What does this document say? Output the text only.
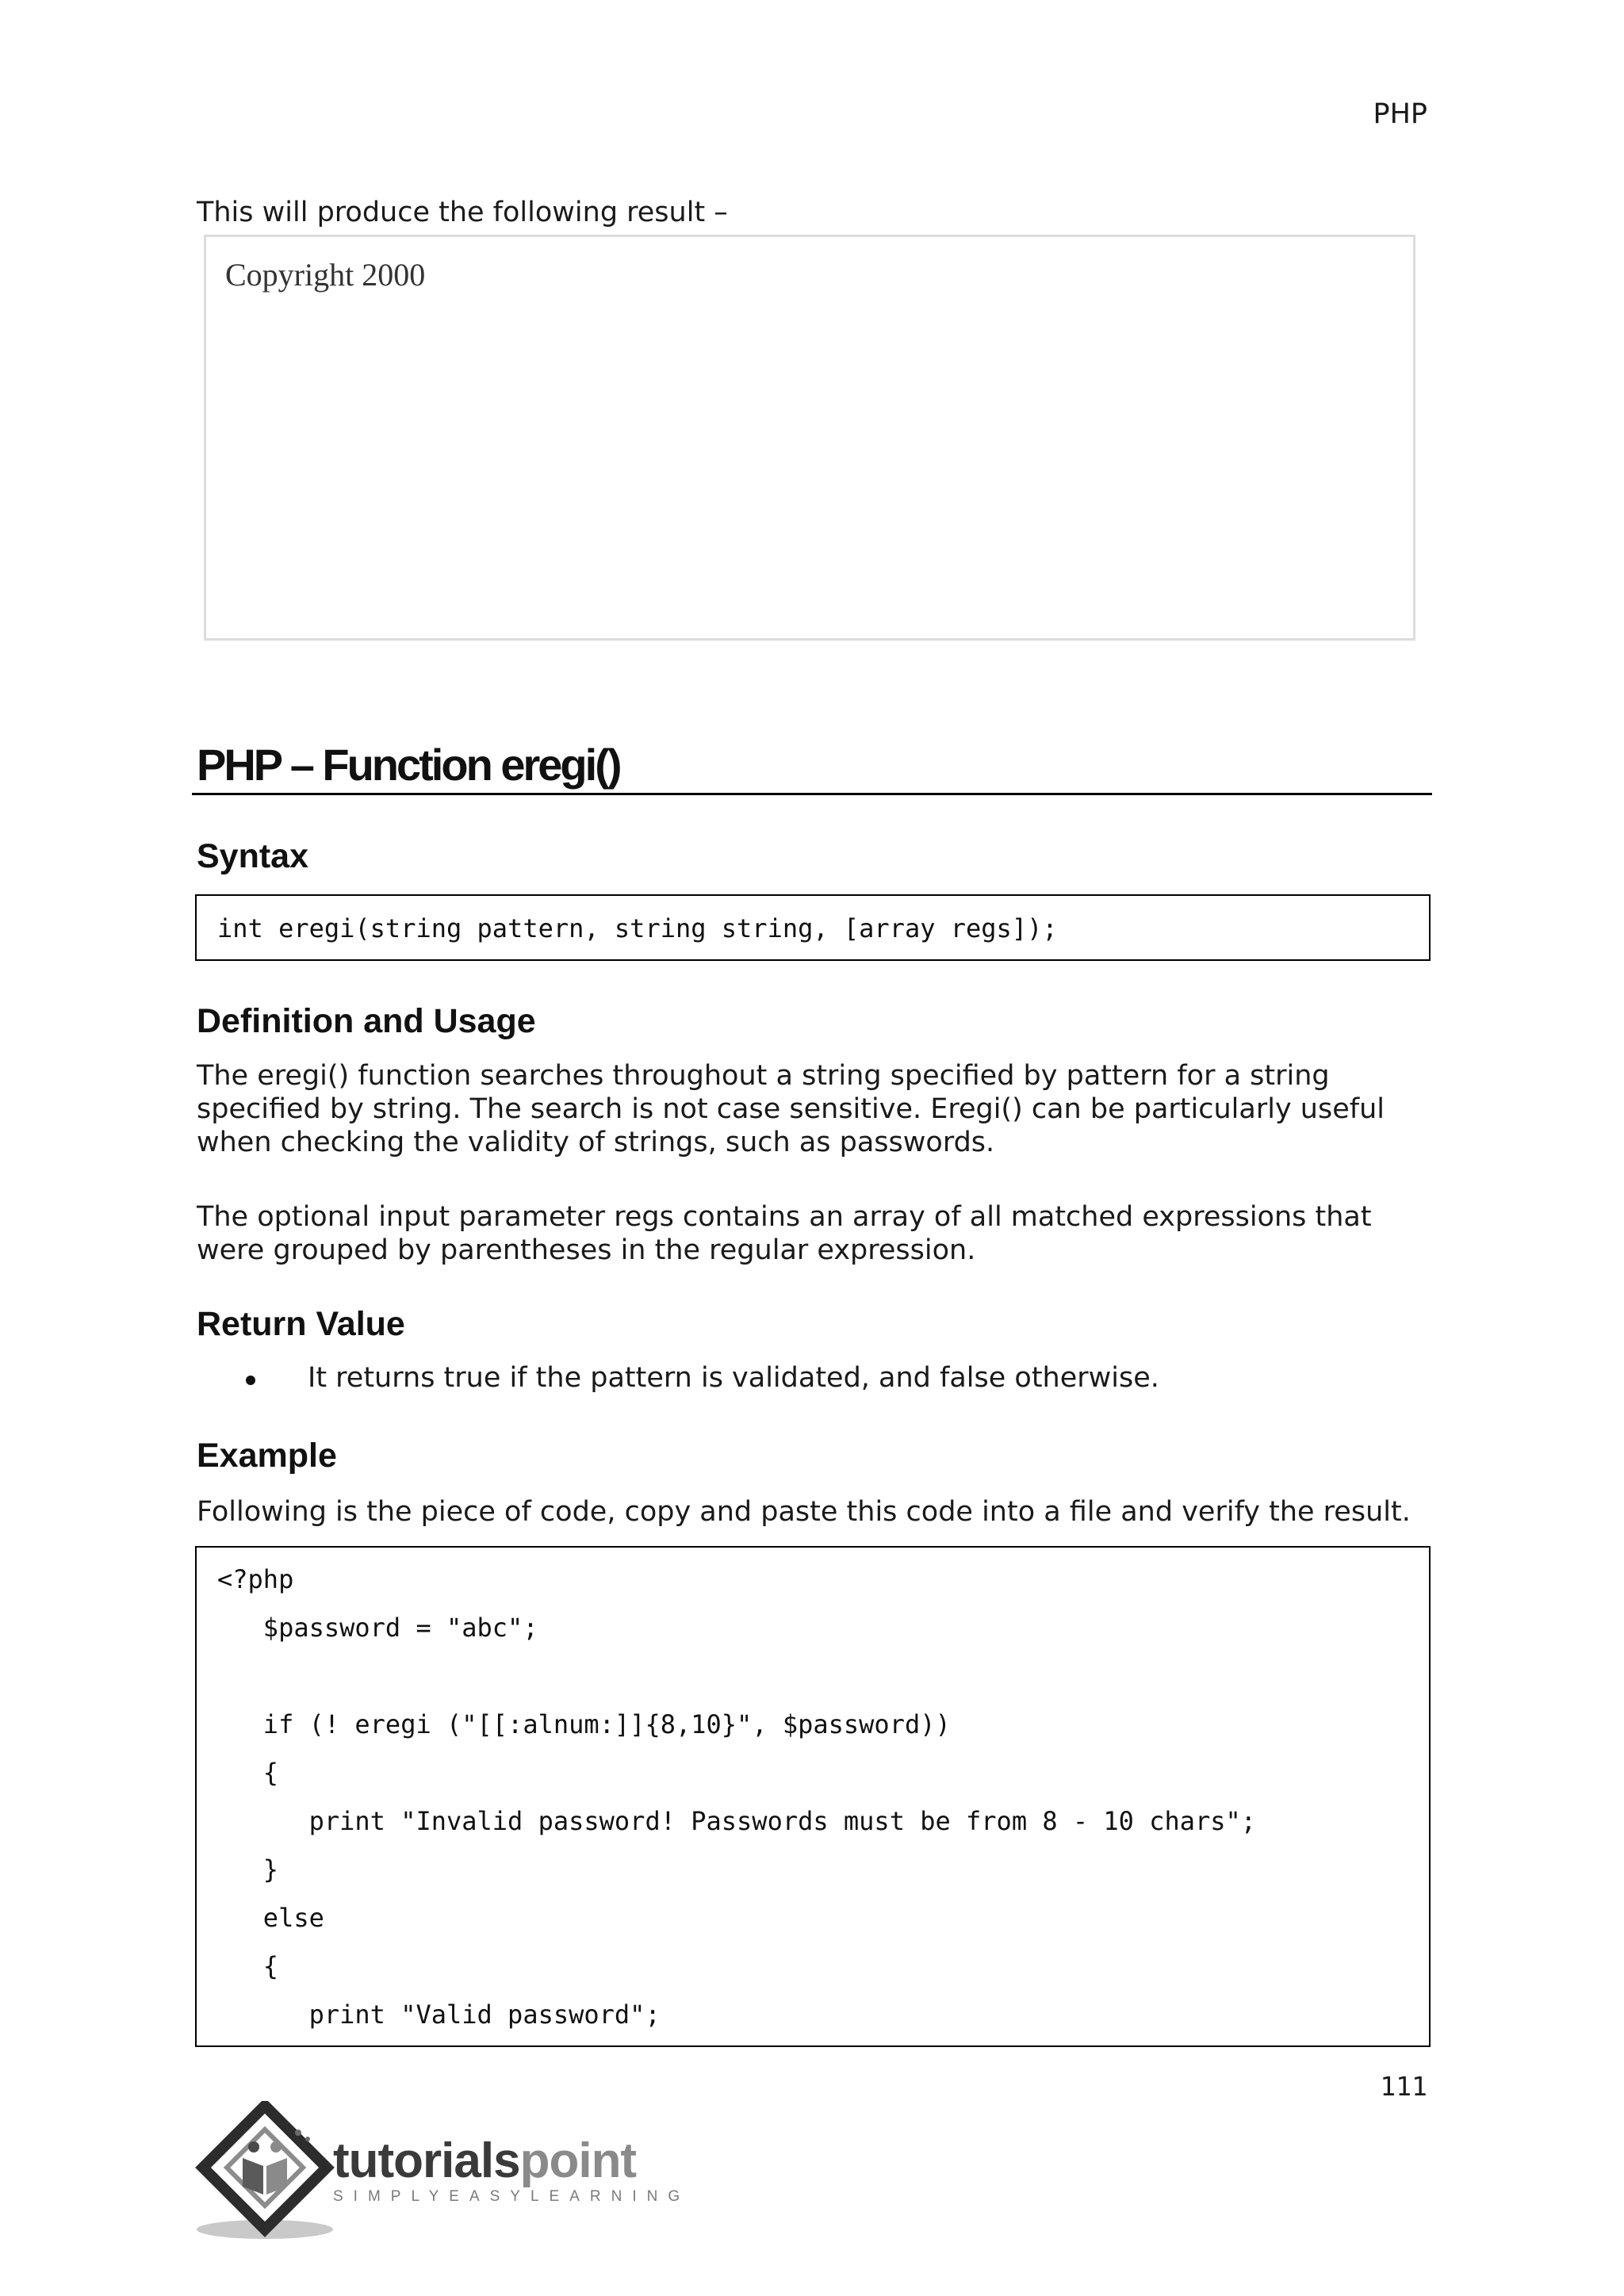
PHP
This will produce the following result –
Copyright 2000
PHP – Function eregi()
Syntax
int eregi(string pattern, string string, [array regs]);
Definition and Usage
The eregi() function searches throughout a string specified by pattern for a string specified by string. The search is not case sensitive. Eregi() can be particularly useful when checking the validity of strings, such as passwords.
The optional input parameter regs contains an array of all matched expressions that were grouped by parentheses in the regular expression.
Return Value
It returns true if the pattern is validated, and false otherwise.
Example
Following is the piece of code, copy and paste this code into a file and verify the result.
<?php
$password = "abc";
if (! eregi ("[[:alnum:]]{8,10}", $password))
{
print "Invalid password! Passwords must be from 8 - 10 chars";
}
else
{
print "Valid password";
111
tutorialspoint
SIMPLYEASYLEARNING
